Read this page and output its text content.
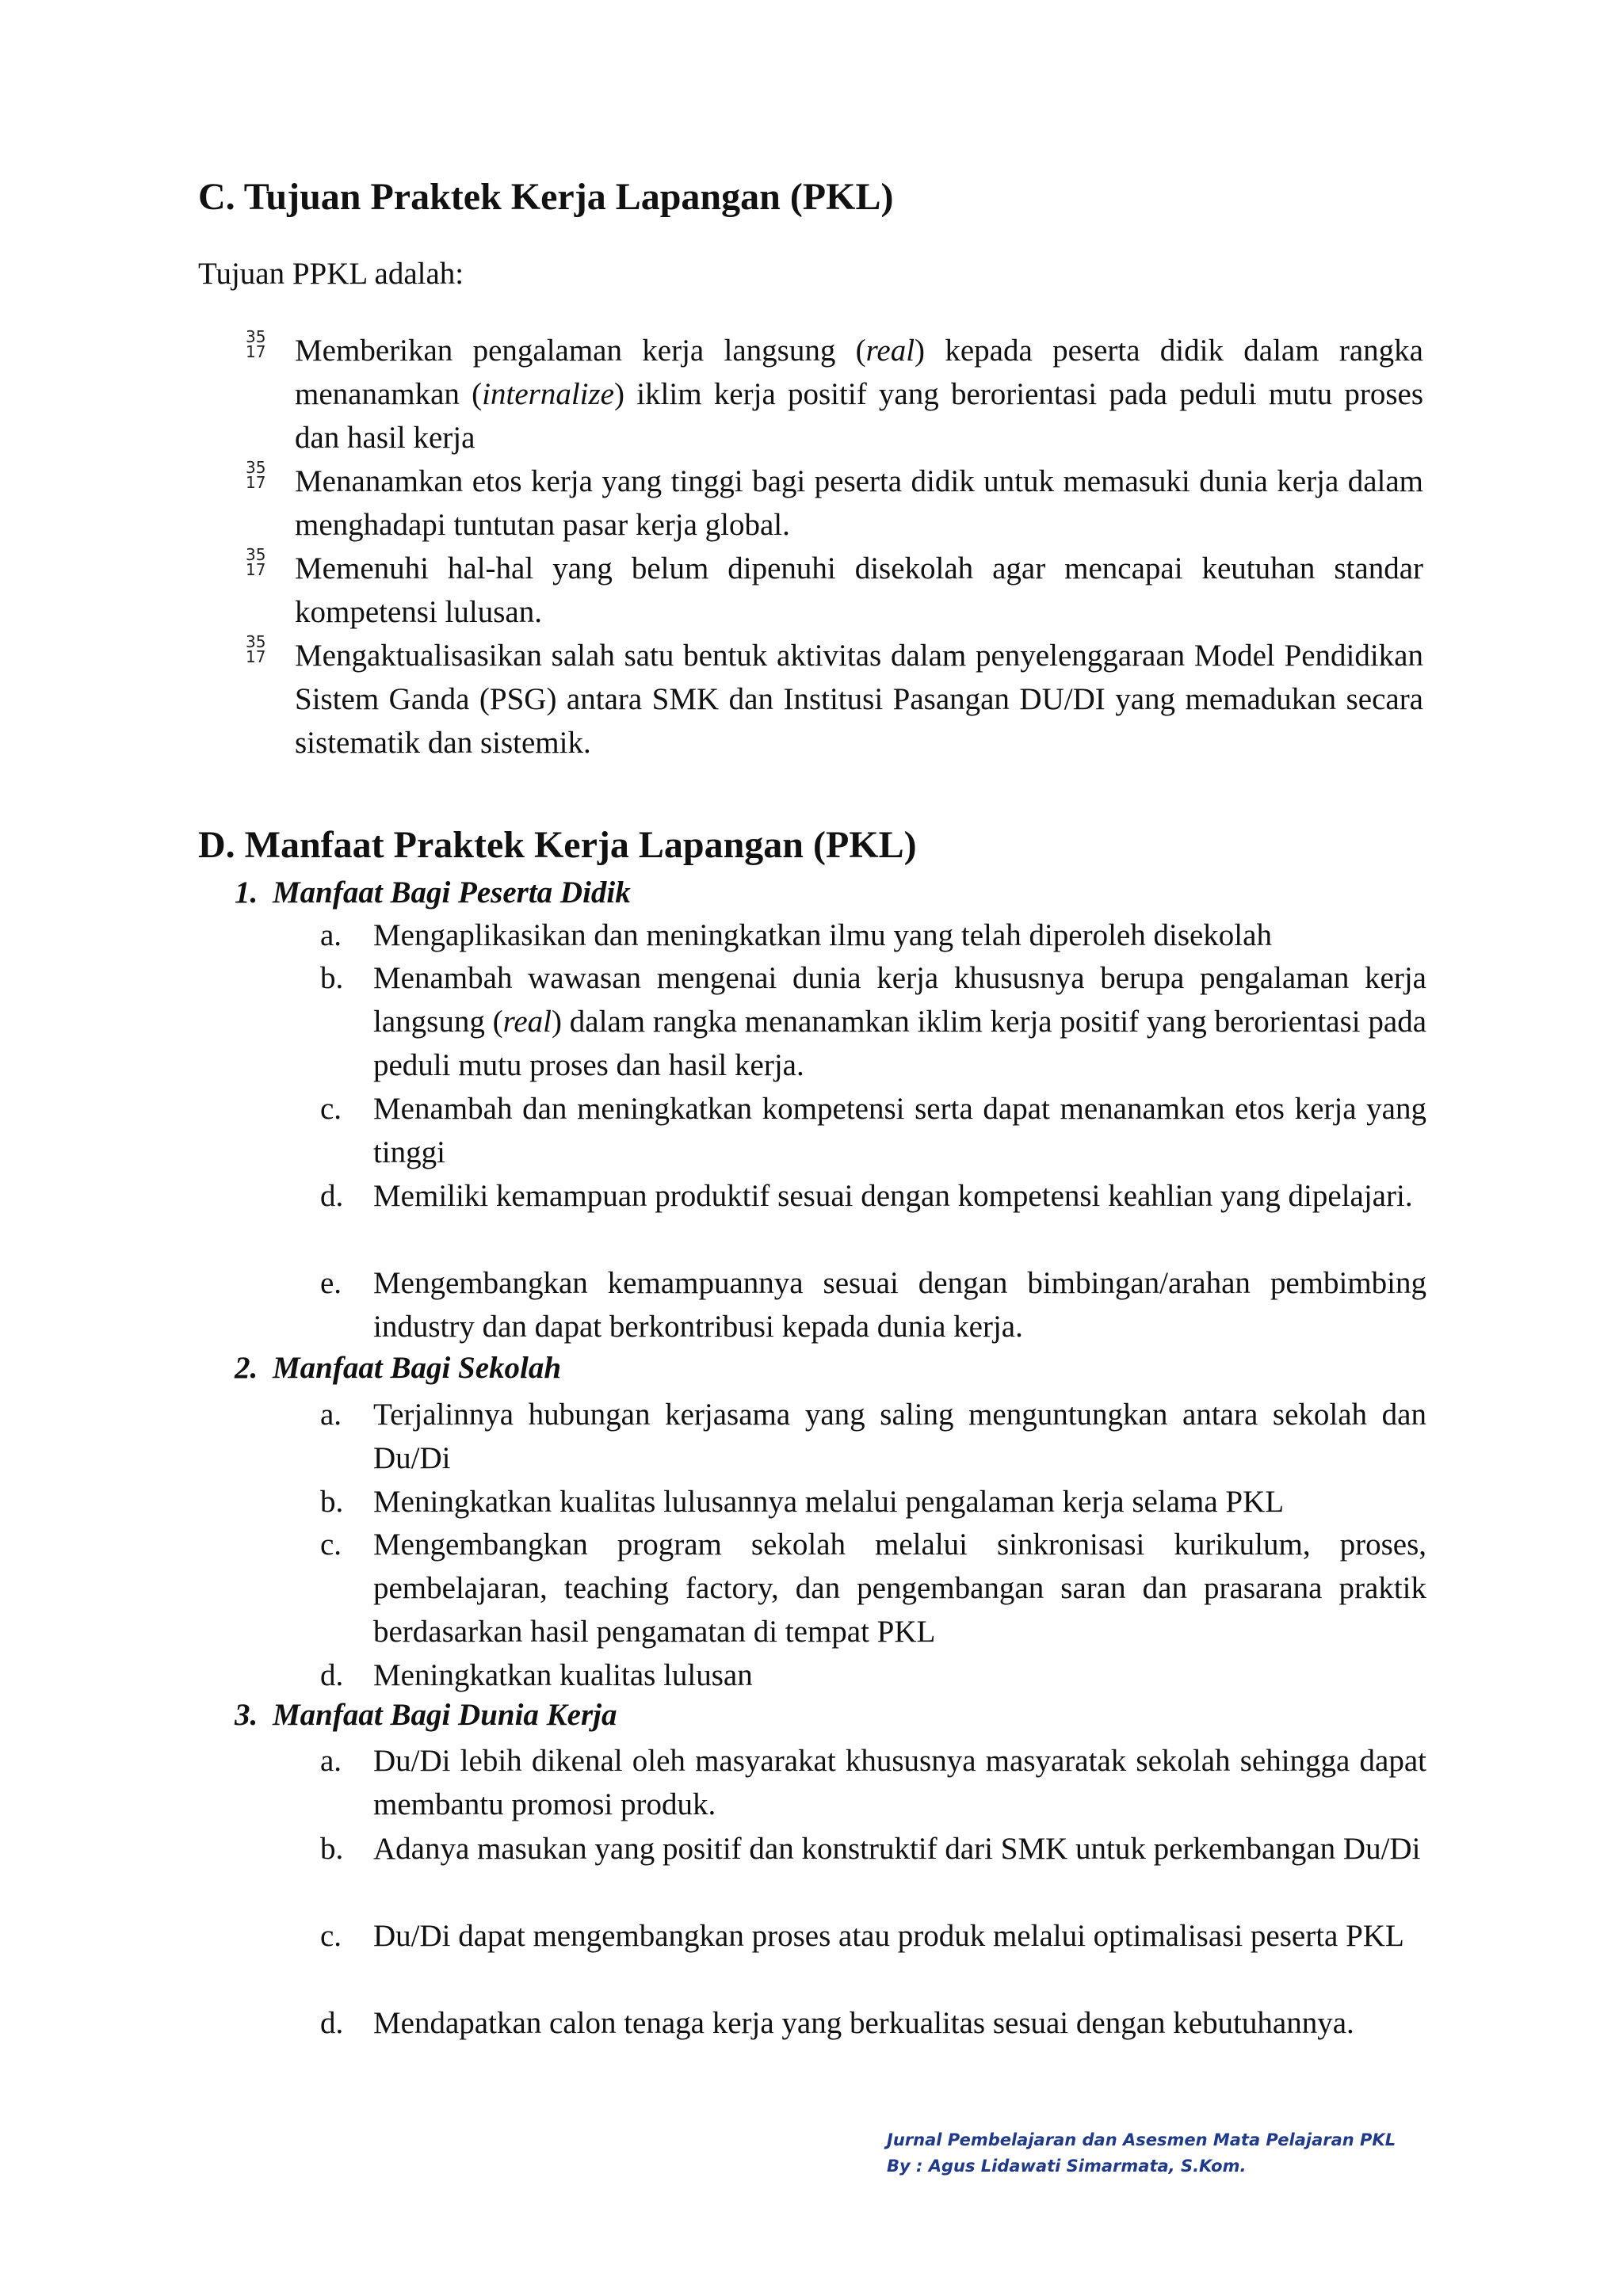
C. Tujuan Praktek Kerja Lapangan (PKL)
Tujuan PPKL adalah:
35
17 Memberikan pengalaman kerja langsung (real) kepada peserta didik dalam rangka menanamkan (internalize) iklim kerja positif yang berorientasi pada peduli mutu proses dan hasil kerja
35
17 Menanamkan etos kerja yang tinggi bagi peserta didik untuk memasuki dunia kerja dalam menghadapi tuntutan pasar kerja global.
35
17 Memenuhi hal-hal yang belum dipenuhi disekolah agar mencapai keutuhan standar kompetensi lulusan.
35
17 Mengaktualisasikan salah satu bentuk aktivitas dalam penyelenggaraan Model Pendidikan Sistem Ganda (PSG) antara SMK dan Institusi Pasangan DU/DI yang memadukan secara sistematik dan sistemik.
D. Manfaat Praktek Kerja Lapangan (PKL)
1. Manfaat Bagi Peserta Didik
a.	Mengaplikasikan dan meningkatkan ilmu yang telah diperoleh disekolah
b. Menambah wawasan mengenai dunia kerja khususnya berupa pengalaman kerja langsung (real) dalam rangka menanamkan iklim kerja positif yang berorientasi pada peduli mutu proses dan hasil kerja.
c.	Menambah dan meningkatkan kompetensi serta dapat menanamkan etos kerja yang tinggi
d. Memiliki kemampuan produktif sesuai dengan kompetensi keahlian yang dipelajari.
e.	Mengembangkan kemampuannya sesuai dengan bimbingan/arahan pembimbing industry dan dapat berkontribusi kepada dunia kerja.
2. Manfaat Bagi Sekolah
a.	Terjalinnya hubungan kerjasama yang saling menguntungkan antara sekolah dan Du/Di
b. Meningkatkan kualitas lulusannya melalui pengalaman kerja selama PKL
c.	Mengembangkan program sekolah melalui sinkronisasi kurikulum, proses, pembelajaran, teaching factory, dan pengembangan saran dan prasarana praktik berdasarkan hasil pengamatan di tempat PKL
d. Meningkatkan kualitas lulusan
3. Manfaat Bagi Dunia Kerja
a.	Du/Di lebih dikenal oleh masyarakat khususnya masyaratak sekolah sehingga dapat membantu promosi produk.
b. Adanya masukan yang positif dan konstruktif dari SMK untuk perkembangan Du/Di
c.	Du/Di dapat mengembangkan proses atau produk melalui optimalisasi peserta PKL
d. Mendapatkan calon tenaga kerja yang berkualitas sesuai dengan kebutuhannya.
Jurnal Pembelajaran dan Asesmen Mata Pelajaran PKL
By : Agus Lidawati Simarmata, S.Kom.
